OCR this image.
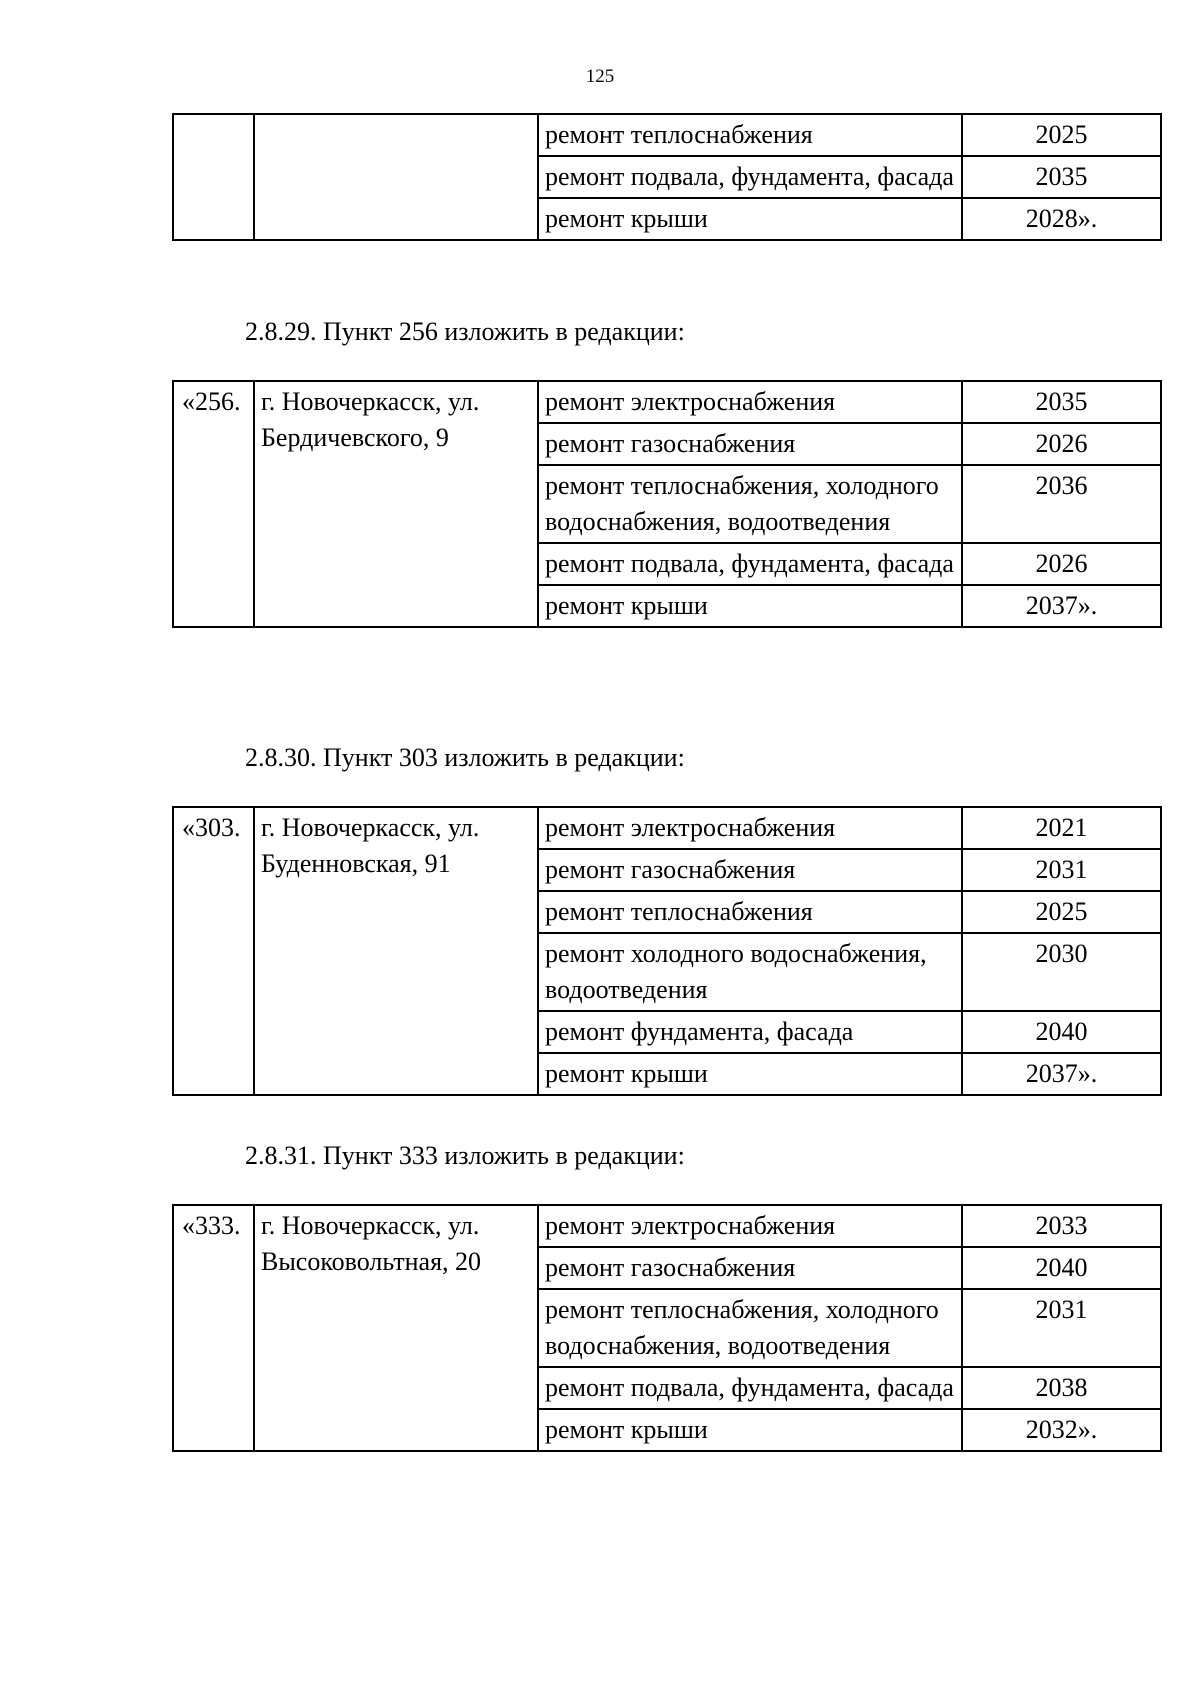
125
		ремонт теплоснабжения	2025
		ремонт подвала, фундамента, фасада	2035
		ремонт крыши	2028».
2.8.29. Пункт 256 изложить в редакции:
«256.	г. Новочеркасск, ул. Бердичевского, 9	ремонт электроснабжения	2035
		ремонт газоснабжения	2026
		ремонт теплоснабжения, холодного водоснабжения, водоотведения	2036
		ремонт подвала, фундамента, фасада	2026
		ремонт крыши	2037».
2.8.30. Пункт 303 изложить в редакции:
«303.	г. Новочеркасск, ул. Буденновская, 91	ремонт электроснабжения	2021
		ремонт газоснабжения	2031
		ремонт теплоснабжения	2025
		ремонт холодного водоснабжения, водоотведения	2030
		ремонт фундамента, фасада	2040
		ремонт крыши	2037».
2.8.31. Пункт 333 изложить в редакции:
«333.	г. Новочеркасск, ул. Высоковольтная, 20	ремонт электроснабжения	2033
		ремонт газоснабжения	2040
		ремонт теплоснабжения, холодного водоснабжения, водоотведения	2031
		ремонт подвала, фундамента, фасада	2038
		ремонт крыши	2032».
